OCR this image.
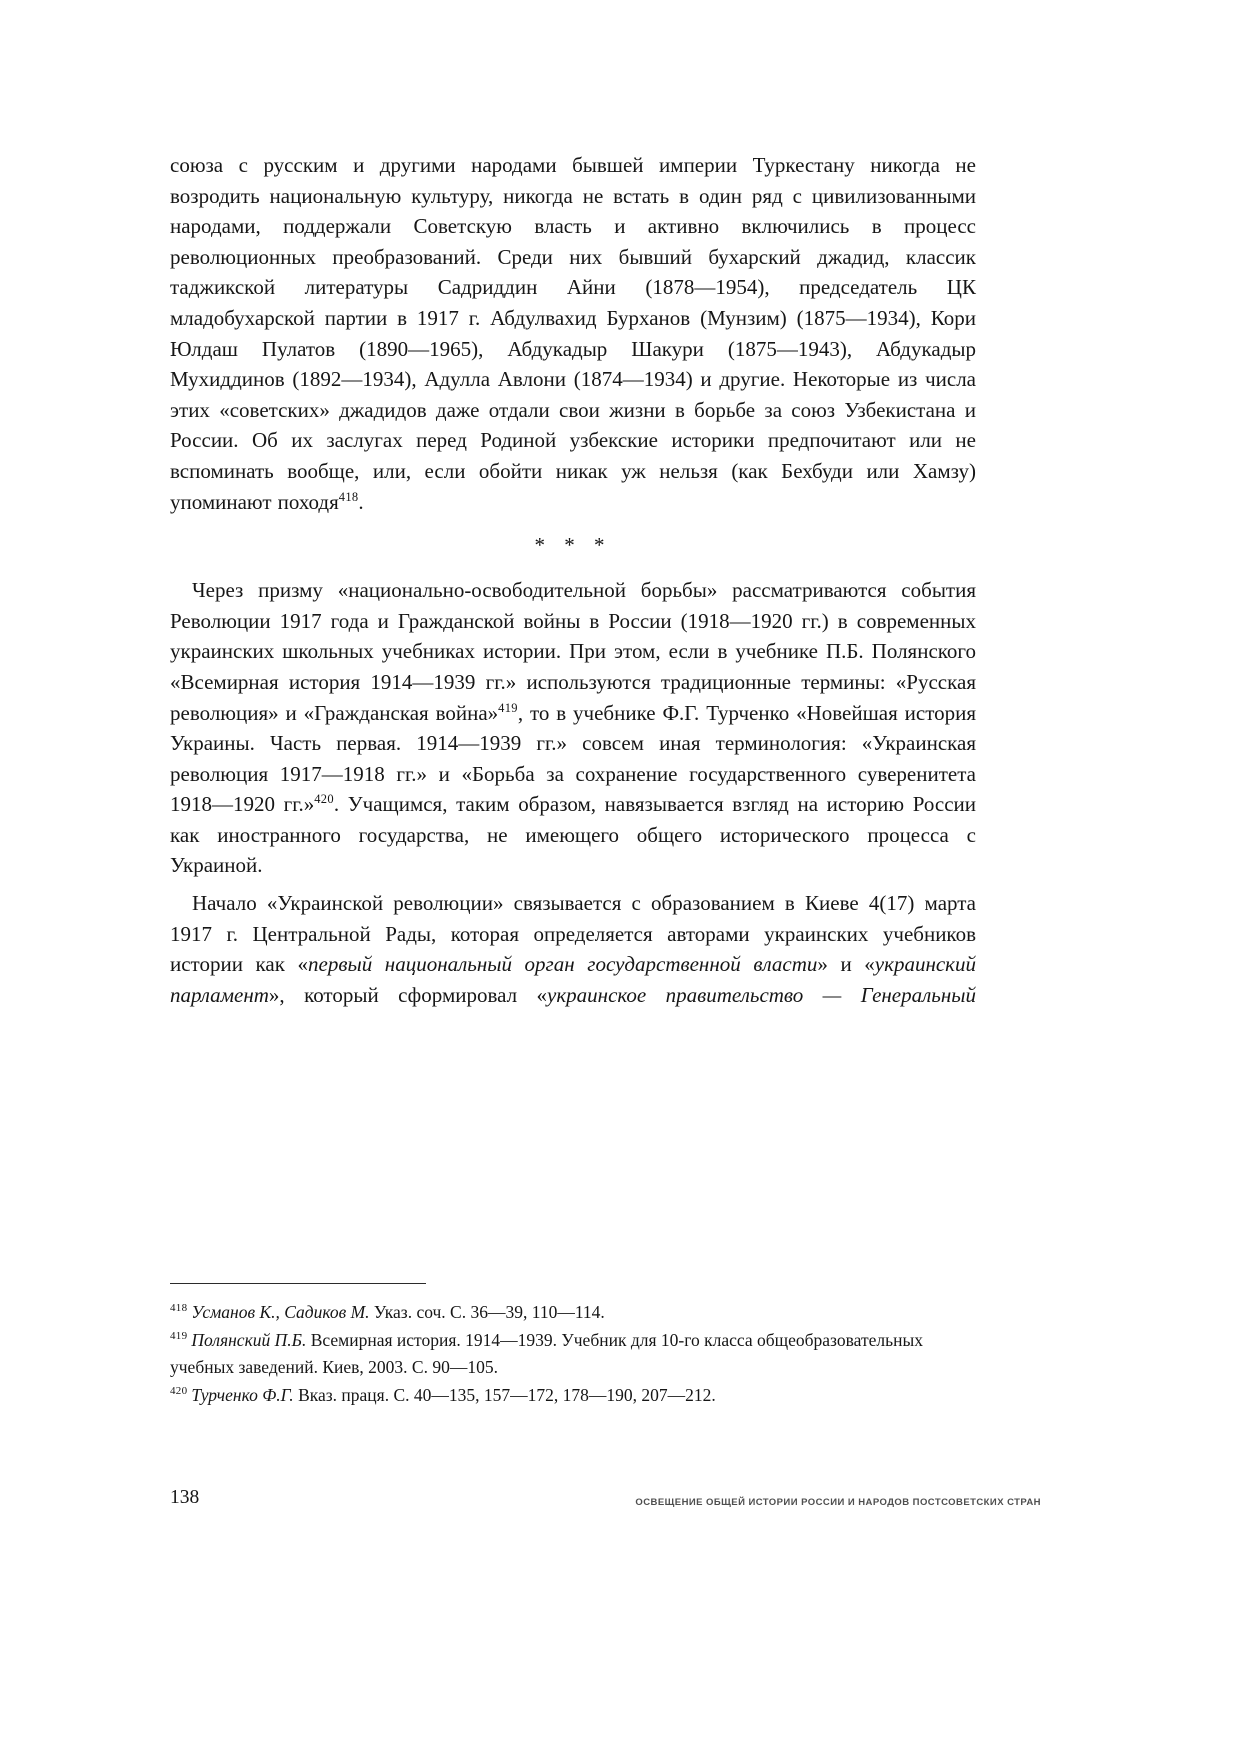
союза с русским и другими народами бывшей империи Туркестану никогда не возродить национальную культуру, никогда не встать в один ряд с цивилизованными народами, поддержали Советскую власть и активно включились в процесс революционных преобразований. Среди них бывший бухарский джадид, классик таджикской литературы Садриддин Айни (1878—1954), председатель ЦК младобухарской партии в 1917 г. Абдулвахид Бурханов (Мунзим) (1875—1934), Кори Юлдаш Пулатов (1890—1965), Абдукадыр Шакури (1875—1943), Абдукадыр Мухиддинов (1892—1934), Адулла Авлони (1874—1934) и другие. Некоторые из числа этих «советских» джадидов даже отдали свои жизни в борьбе за союз Узбекистана и России. Об их заслугах перед Родиной узбекские историки предпочитают или не вспоминать вообще, или, если обойти никак уж нельзя (как Бехбуди или Хамзу) упоминают походя$^{418}$.

* * *

Через призму «национально-освободительной борьбы» рассматриваются события Революции 1917 года и Гражданской войны в России (1918—1920 гг.) в современных украинских школьных учебниках истории. При этом, если в учебнике П.Б. Полянского «Всемирная история 1914—1939 гг.» используются традиционные термины: «Русская революция» и «Гражданская война»$^{419}$, то в учебнике Ф.Г. Турченко «Новейшая история Украины. Часть первая. 1914—1939 гг.» совсем иная терминология: «Украинская революция 1917—1918 гг.» и «Борьба за сохранение государственного суверенитета 1918—1920 гг.»$^{420}$. Учащимся, таким образом, навязывается взгляд на историю России как иностранного государства, не имеющего общего исторического процесса с Украиной.

Начало «Украинской революции» связывается с образованием в Киеве 4(17) марта 1917 г. Центральной Рады, которая определяется авторами украинских учебников истории как «первый национальный орган государственной власти» и «украинский парламент», который сформировал «украинское правительство — Генеральный

$^{418}$ Усманов К., Садиков М. Указ. соч. С. 36—39, 110—114.

$^{419}$ Полянский П.Б. Всемирная история. 1914—1939. Учебник для 10-го класса общеобразовательных учебных заведений. Киев, 2003. С. 90—105.

$^{420}$ Турченко Ф.Г. Вказ. праця. С. 40—135, 157—172, 178—190, 207—212.

138	ОСВЕЩЕНИЕ ОБЩЕЙ ИСТОРИИ РОССИИ И НАРОДОВ ПОСТСОВЕТСКИХ СТРАН
